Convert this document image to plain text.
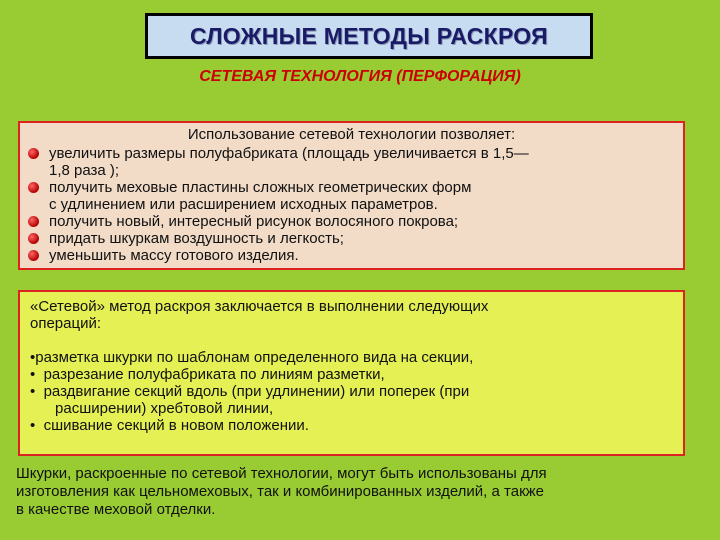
СЛОЖНЫЕ МЕТОДЫ РАСКРОЯ
СЕТЕВАЯ ТЕХНОЛОГИЯ (ПЕРФОРАЦИЯ)
Использование сетевой технологии позволяет:
увеличить размеры полуфабриката (площадь увеличивается в 1,5—
1,8 раза );
получить меховые пластины сложных геометрических форм
с удлинением или расширением исходных параметров.
получить новый, интересный рисунок волосяного покрова;
придать шкуркам воздушность и легкость;
уменьшить массу готового изделия.
«Сетевой» метод раскроя заключается в выполнении следующих
операций:
•разметка шкурки по шаблонам определенного вида на секции,
•  разрезание полуфабриката по линиям разметки,
•  раздвигание секций вдоль (при удлинении) или поперек (при
расширении) хребтовой линии,
•  сшивание секций в новом положении.
Шкурки, раскроенные по сетевой технологии, могут быть использованы для
изготовления как цельномеховых, так и комбинированных изделий, а также
в качестве меховой отделки.
